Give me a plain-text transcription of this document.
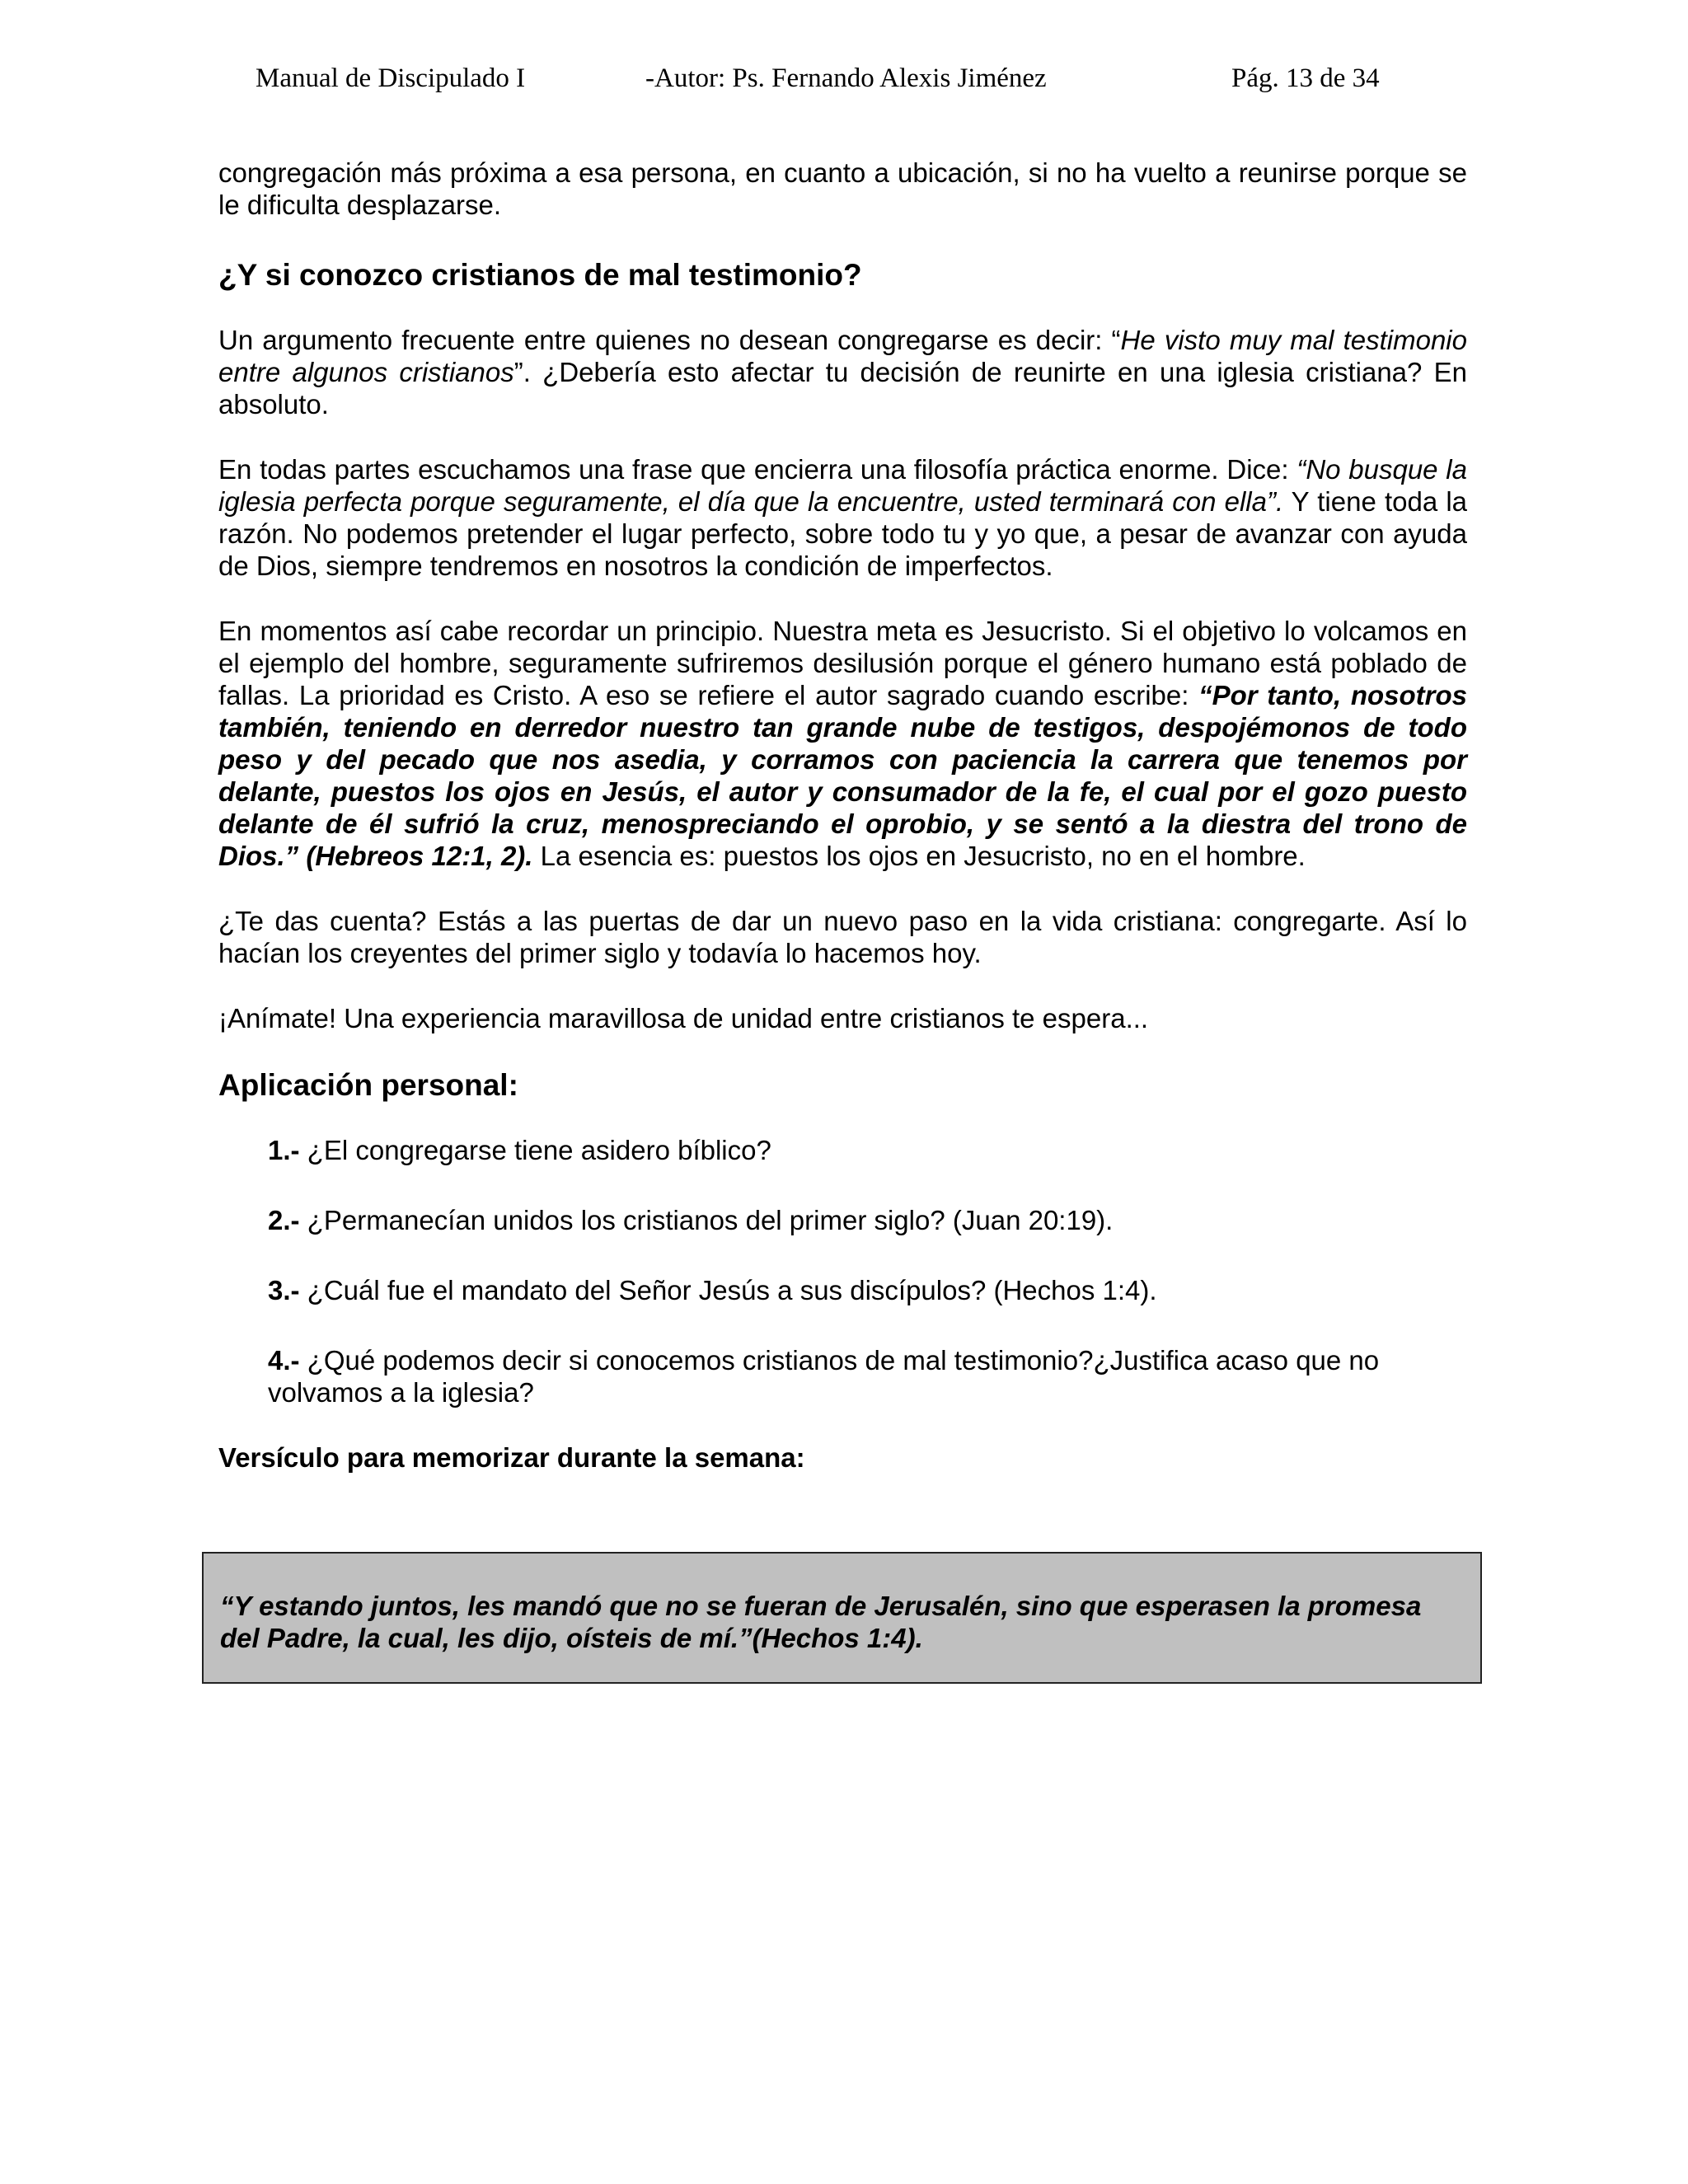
Manual de Discipulado I	-Autor: Ps. Fernando Alexis Jiménez	Pág. 13 de 34

congregación más próxima a esa persona, en cuanto a ubicación, si no ha vuelto a reunirse porque se le dificulta desplazarse.

¿Y si conozco cristianos de mal testimonio?

Un argumento frecuente entre quienes no desean congregarse es decir: “He visto muy mal testimonio entre algunos cristianos”. ¿Debería esto afectar tu decisión de reunirte en una iglesia cristiana? En absoluto.

En todas partes escuchamos una frase que encierra una filosofía práctica enorme. Dice: “No busque la iglesia perfecta porque seguramente, el día que la encuentre, usted terminará con ella”. Y tiene toda la razón. No podemos pretender el lugar perfecto, sobre todo tu y yo que, a pesar de avanzar con ayuda de Dios, siempre tendremos en nosotros la condición de imperfectos.

En momentos así cabe recordar un principio. Nuestra meta es Jesucristo. Si el objetivo lo volcamos en el ejemplo del hombre, seguramente sufriremos desilusión porque el género humano está poblado de fallas. La prioridad es Cristo. A eso se refiere el autor sagrado cuando escribe: “Por tanto, nosotros también, teniendo en derredor nuestro tan grande nube de testigos, despojémonos de todo peso y del pecado que nos asedia, y corramos con paciencia la carrera que tenemos por delante, puestos los ojos en Jesús, el autor y consumador de la fe, el cual por el gozo puesto delante de él sufrió la cruz, menospreciando el oprobio, y se sentó a la diestra del trono de Dios.” (Hebreos 12:1, 2). La esencia es: puestos los ojos en Jesucristo, no en el hombre.

¿Te das cuenta? Estás a las puertas de dar un nuevo paso en la vida cristiana: congregarte. Así lo hacían los creyentes del primer siglo y todavía lo hacemos hoy.

¡Anímate! Una experiencia maravillosa de unidad entre cristianos te espera...

Aplicación personal:
1.- ¿El congregarse tiene asidero bíblico?
2.- ¿Permanecían unidos los cristianos del primer siglo? (Juan 20:19).
3.- ¿Cuál fue el mandato del Señor Jesús a sus discípulos? (Hechos 1:4).
4.- ¿Qué podemos decir si conocemos cristianos de mal testimonio?¿Justifica acaso que no volvamos a la iglesia?

Versículo para memorizar durante la semana:

“Y estando juntos, les mandó que no se fueran de Jerusalén, sino que esperasen la promesa del Padre, la cual, les dijo, oísteis de mí.”(Hechos 1:4).
